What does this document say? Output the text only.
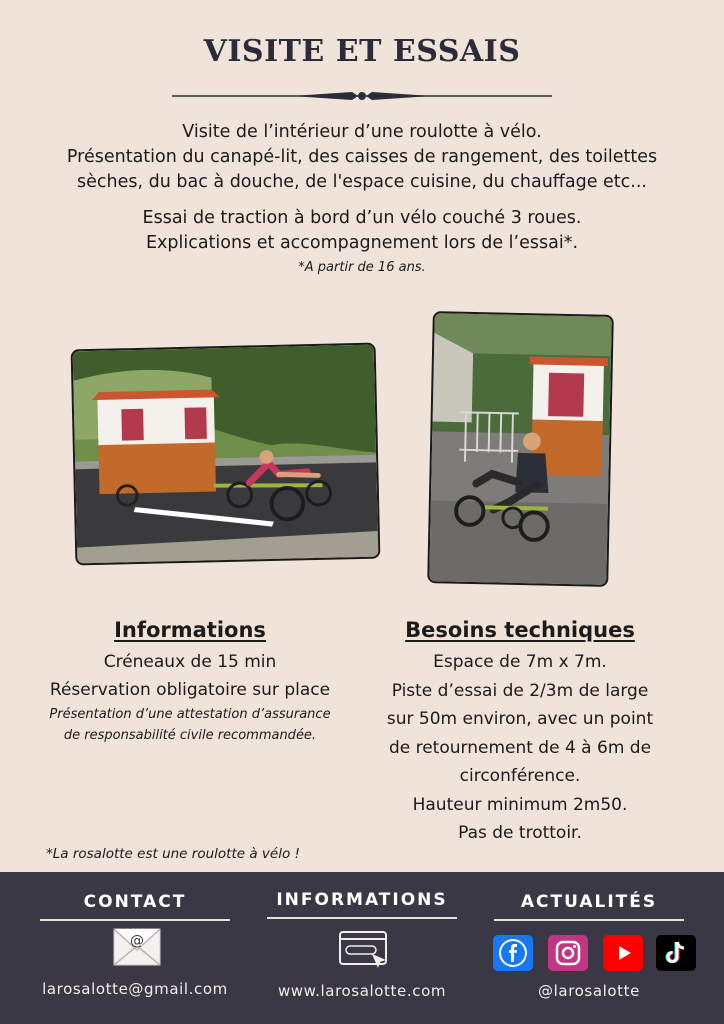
VISITE ET ESSAIS
Visite de l’intérieur d’une roulotte à vélo.
Présentation du canapé-lit, des caisses de rangement, des toilettes
sèches, du bac à douche, de l'espace cuisine, du chauffage etc...
Essai de traction à bord d’un vélo couché 3 roues.
Explications et accompagnement lors de l’essai*.
*A partir de 16 ans.
Informations
Créneaux de 15 min
Réservation obligatoire sur place
Présentation d’une attestation d’assurance
de responsabilité civile recommandée.
Besoins techniques
Espace de 7m x 7m.
Piste d’essai de 2/3m de large
sur 50m environ, avec un point
de retournement de 4 à 6m de
circonférence.
Hauteur minimum 2m50.
Pas de trottoir.
*La rosalotte est une roulotte à vélo !
CONTACT
@
larosalotte@gmail.com
INFORMATIONS
www.larosalotte.com
ACTUALITÉS
@larosalotte
